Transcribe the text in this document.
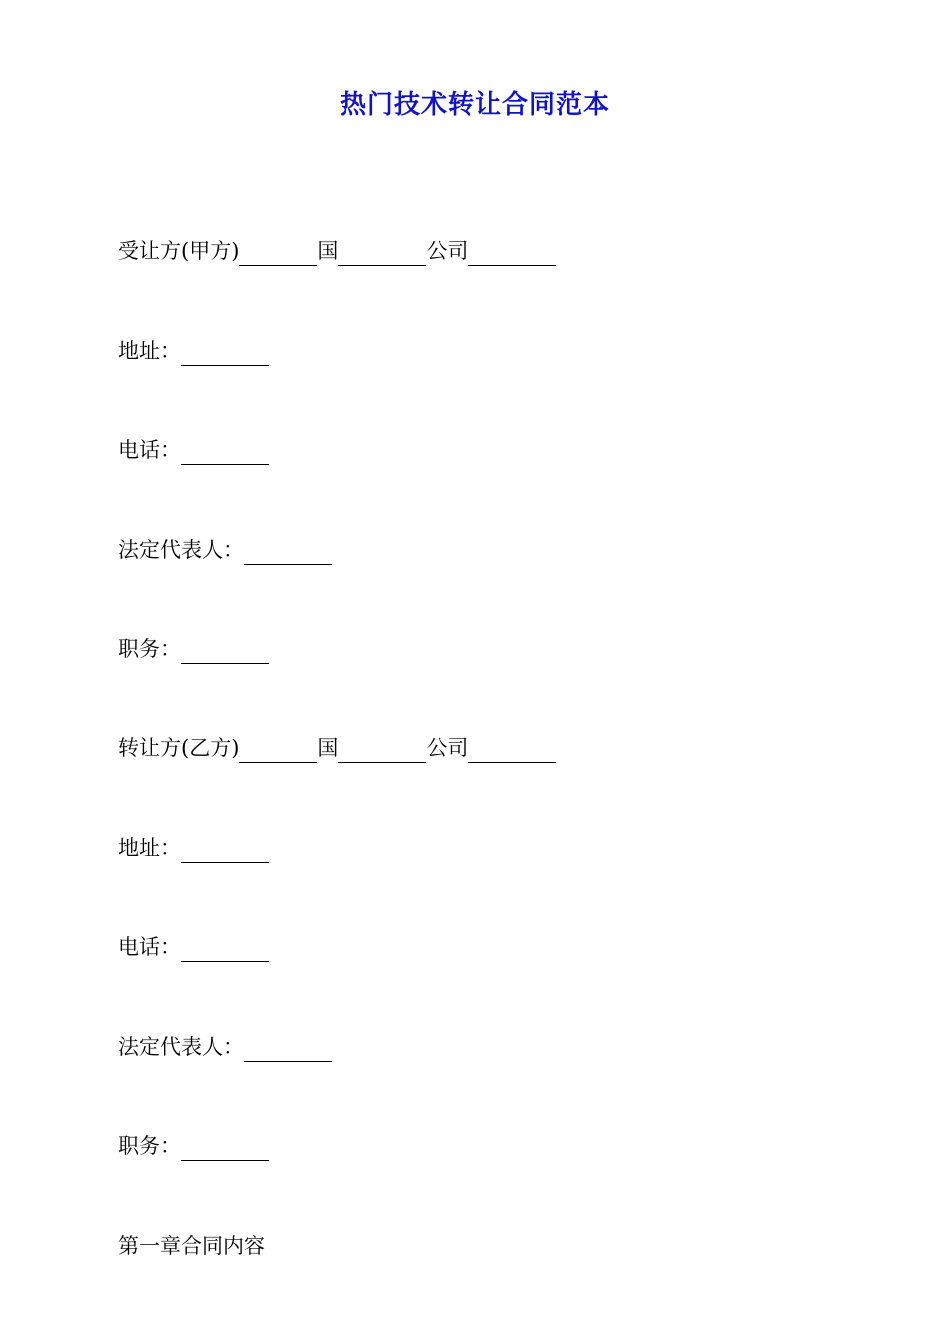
热门技术转让合同范本
受让方(甲方)	国	公司
地址：
电话：
法定代表人：
职务：
转让方(乙方)	国	公司
地址：
电话：
法定代表人：
职务：
第一章合同内容
